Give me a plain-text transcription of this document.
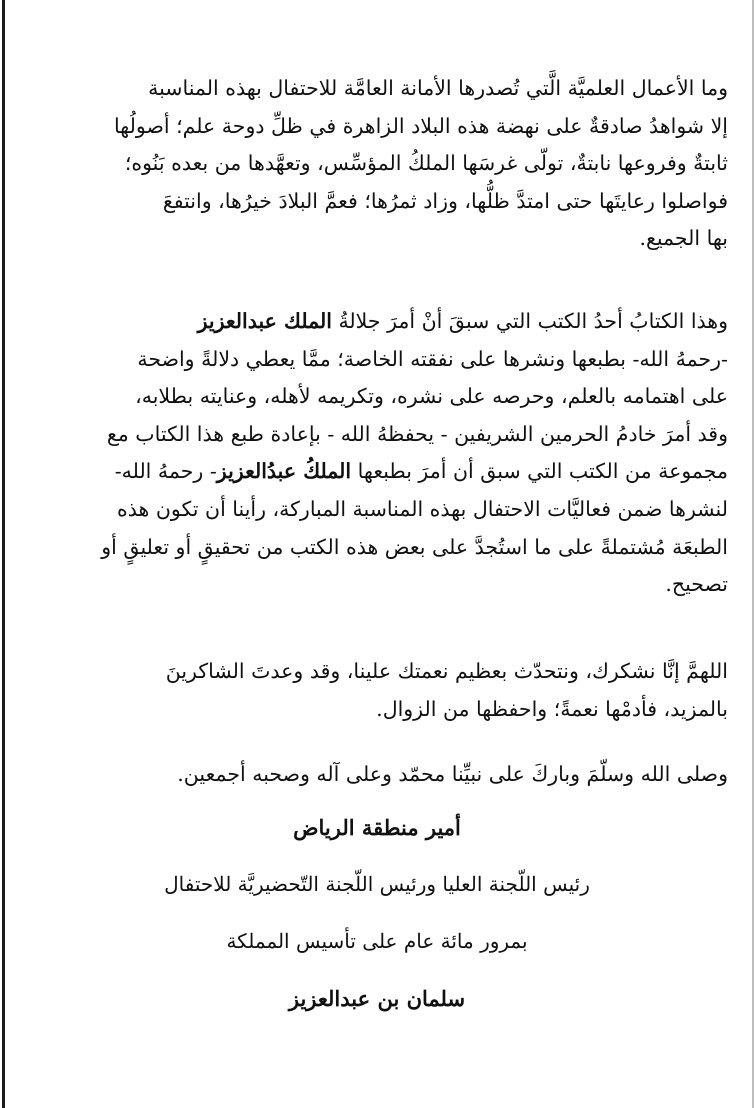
وما الأعمال العلميَّة الَّتي تُصدرها الأمانة العامَّة للاحتفال بهذه المناسبة
إلا شواهدُ صادقةٌ على نهضة هذه البلاد الزاهرة في ظلِّ دوحة علم؛ أصولُها
ثابتةٌ وفروعها نابتةٌ، تولّى غرسَها الملكُ المؤسِّس، وتعهَّدها من بعده بَنُوه؛
فواصلوا رعايتَها حتى امتدَّ ظلُّها، وزاد ثمرُها؛ فعمَّ البلادَ خيرُها، وانتفعَ
بها الجميع.

وهذا الكتابُ أحدُ الكتب التي سبقَ أنْ أمرَ جلالةُ الملك عبدالعزيز
-رحمهُ الله- بطبعها ونشرها على نفقته الخاصة؛ ممَّا يعطي دلالةً واضحة
على اهتمامه بالعلم، وحرصه على نشره، وتكريمه لأهله، وعنايته بطلابه،
وقد أمرَ خادمُ الحرمين الشريفين - يحفظهُ الله - بإعادة طبع هذا الكتاب مع
مجموعة من الكتب التي سبق أن أمرَ بطبعها الملكُ عبدُالعزيز- رحمهُ الله-
لنشرها ضمن فعاليَّات الاحتفال بهذه المناسبة المباركة، رأينا أن تكون هذه
الطبعَة مُشتملةً على ما استُجدَّ على بعض هذه الكتب من تحقيقٍ أو تعليقٍ أو
تصحيح.

اللهمَّ إنَّا نشكرك، ونتحدّث بعظيم نعمتك علينا، وقد وعدتَ الشاكرينَ
بالمزيد، فأدمْها نعمةً؛ واحفظها من الزوال.

وصلى الله وسلّمَ وباركَ على نبيِّنا محمّد وعلى آله وصحبه أجمعين.

أمير منطقة الرياض

رئيس اللّجنة العليا ورئيس اللّجنة التّحضيريَّة للاحتفال

بمرور مائة عام على تأسيس المملكة

سلمان بن عبدالعزيز
